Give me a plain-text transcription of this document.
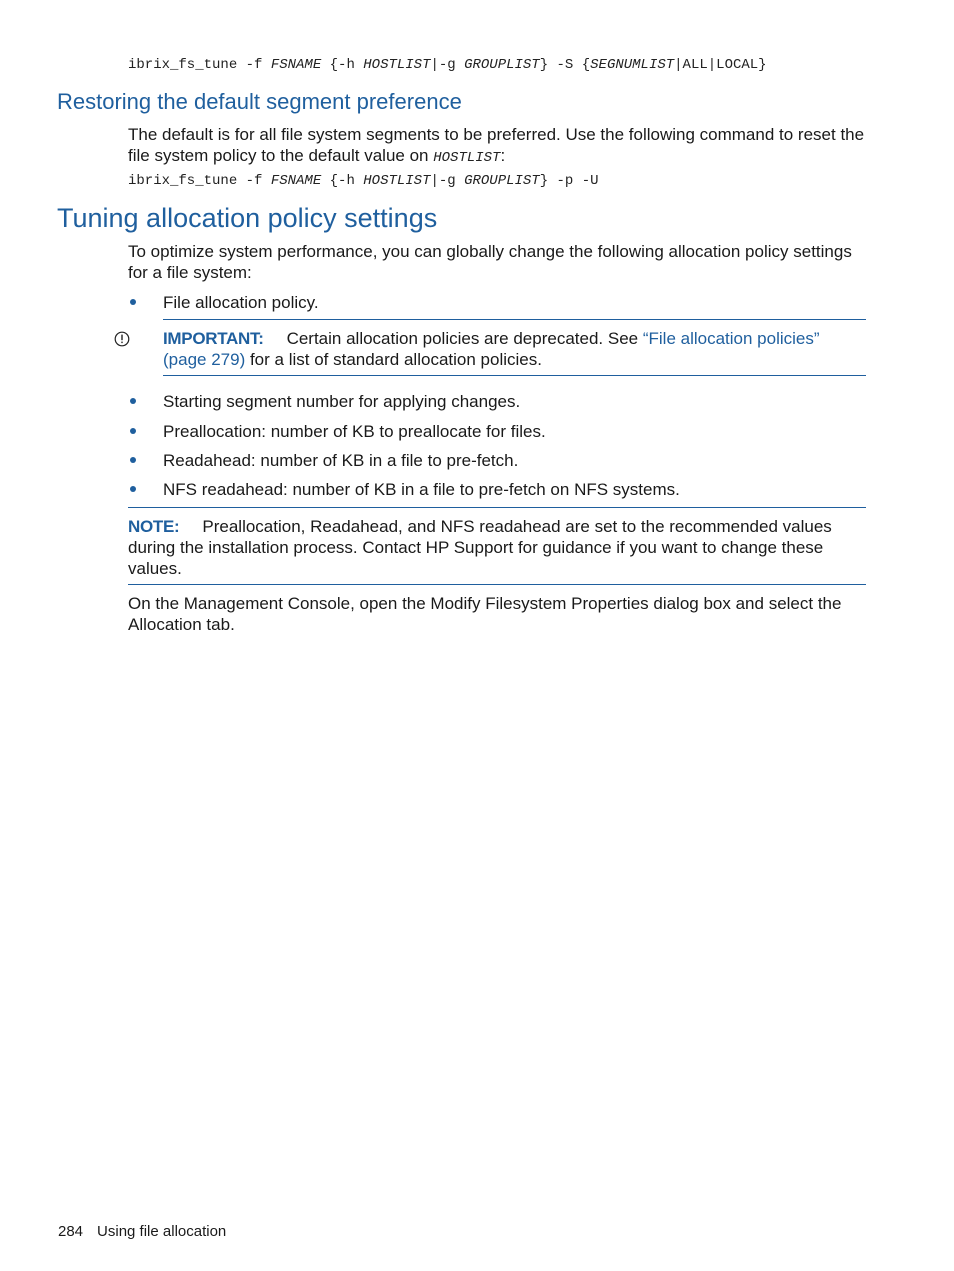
ibrix_fs_tune -f FSNAME {-h HOSTLIST|-g GROUPLIST} -S {SEGNUMLIST|ALL|LOCAL}
Restoring the default segment preference
The default is for all file system segments to be preferred. Use the following command to reset the
file system policy to the default value on HOSTLIST:
ibrix_fs_tune -f FSNAME {-h HOSTLIST|-g GROUPLIST} -p -U
Tuning allocation policy settings
To optimize system performance, you can globally change the following allocation policy settings
for a file system:
File allocation policy.
IMPORTANT: Certain allocation policies are deprecated. See “File allocation policies”
(page 279) for a list of standard allocation policies.
Starting segment number for applying changes.
Preallocation: number of KB to preallocate for files.
Readahead: number of KB in a file to pre-fetch.
NFS readahead: number of KB in a file to pre-fetch on NFS systems.
NOTE: Preallocation, Readahead, and NFS readahead are set to the recommended values
during the installation process. Contact HP Support for guidance if you want to change these
values.
On the Management Console, open the Modify Filesystem Properties dialog box and select the
Allocation tab.
284 Using file allocation
